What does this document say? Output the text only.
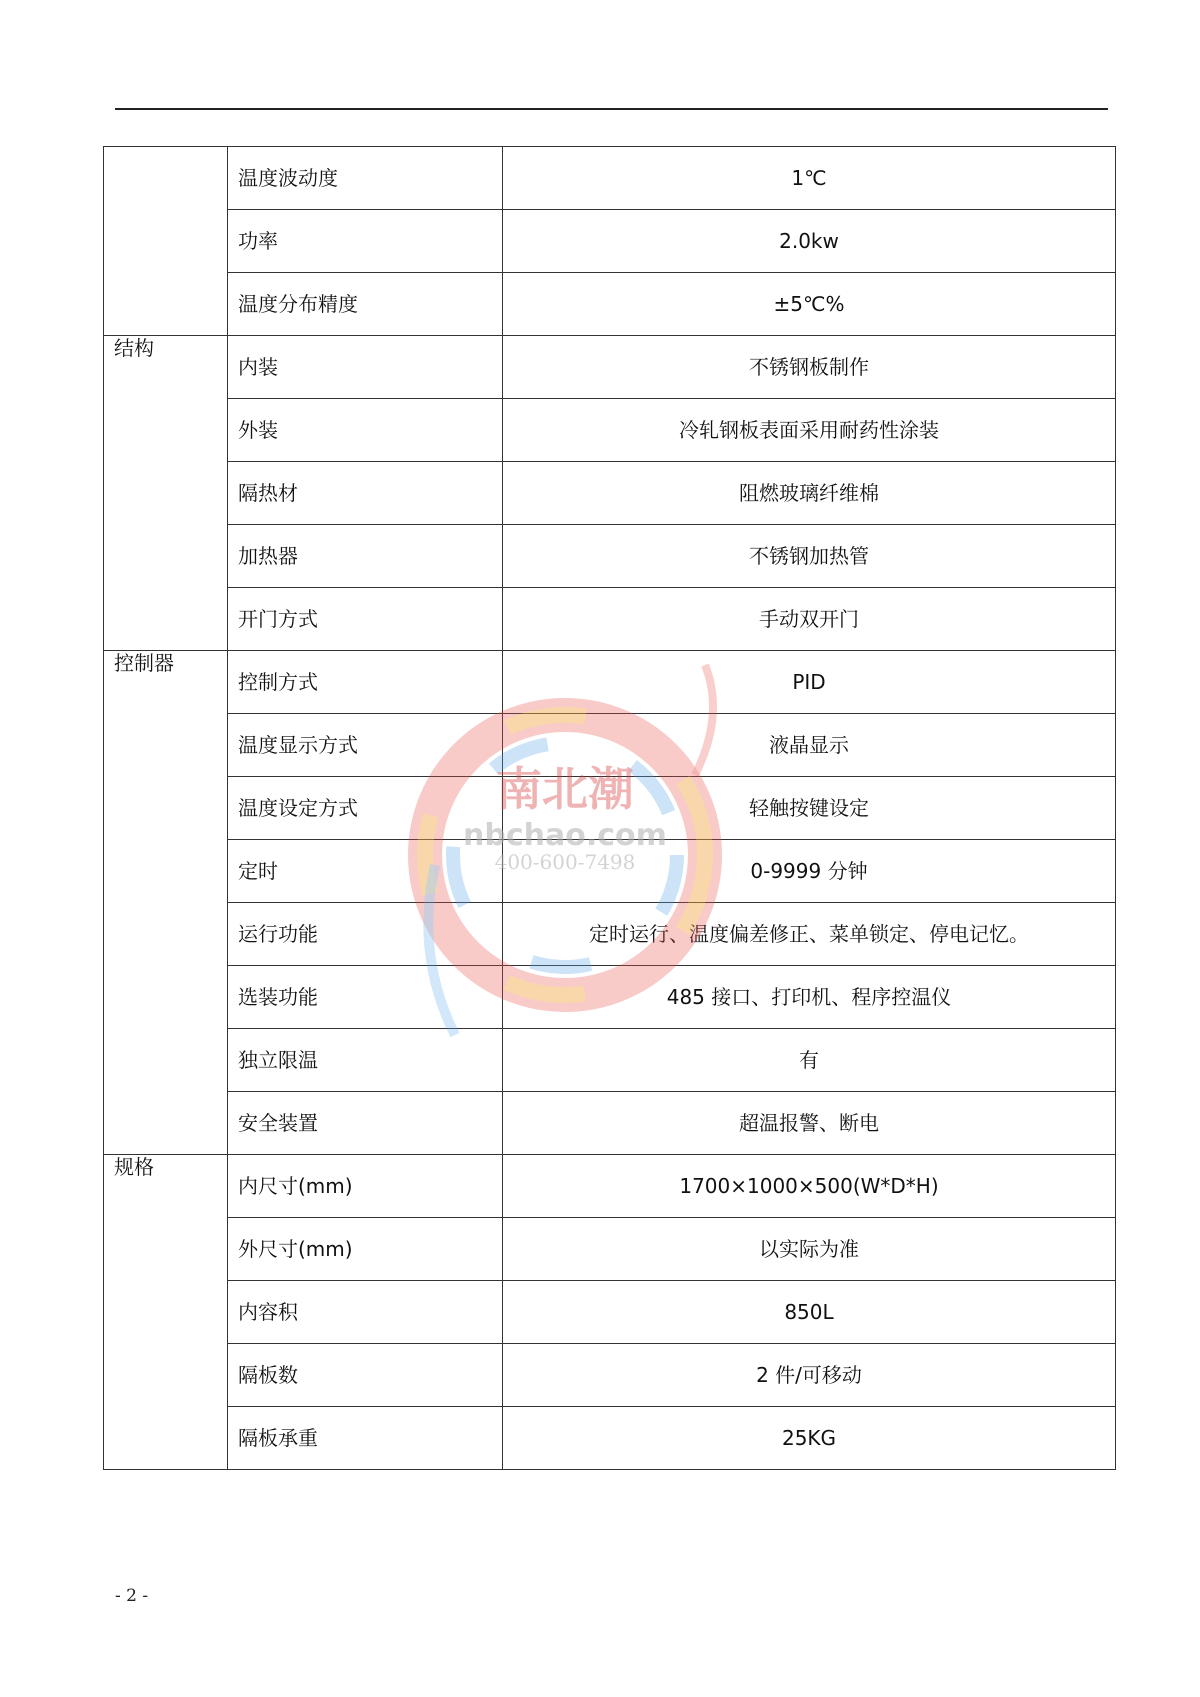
	温度波动度	1℃
	功率	2.0kw
	温度分布精度	±5℃%
结构	内装	不锈钢板制作
	外装	冷轧钢板表面采用耐药性涂装
	隔热材	阻燃玻璃纤维棉
	加热器	不锈钢加热管
	开门方式	手动双开门
控制器	控制方式	PID
	温度显示方式	液晶显示
	温度设定方式	轻触按键设定
	定时	0-9999 分钟
	运行功能	定时运行、温度偏差修正、菜单锁定、停电记忆。
	选装功能	485 接口、打印机、程序控温仪
	独立限温	有
	安全装置	超温报警、断电
规格	内尺寸(mm)	1700×1000×500(W*D*H)
	外尺寸(mm)	以实际为准
	内容积	850L
	隔板数	2 件/可移动
	隔板承重	25KG
南北潮
nbchao.com
400-600-7498
- 2 -
